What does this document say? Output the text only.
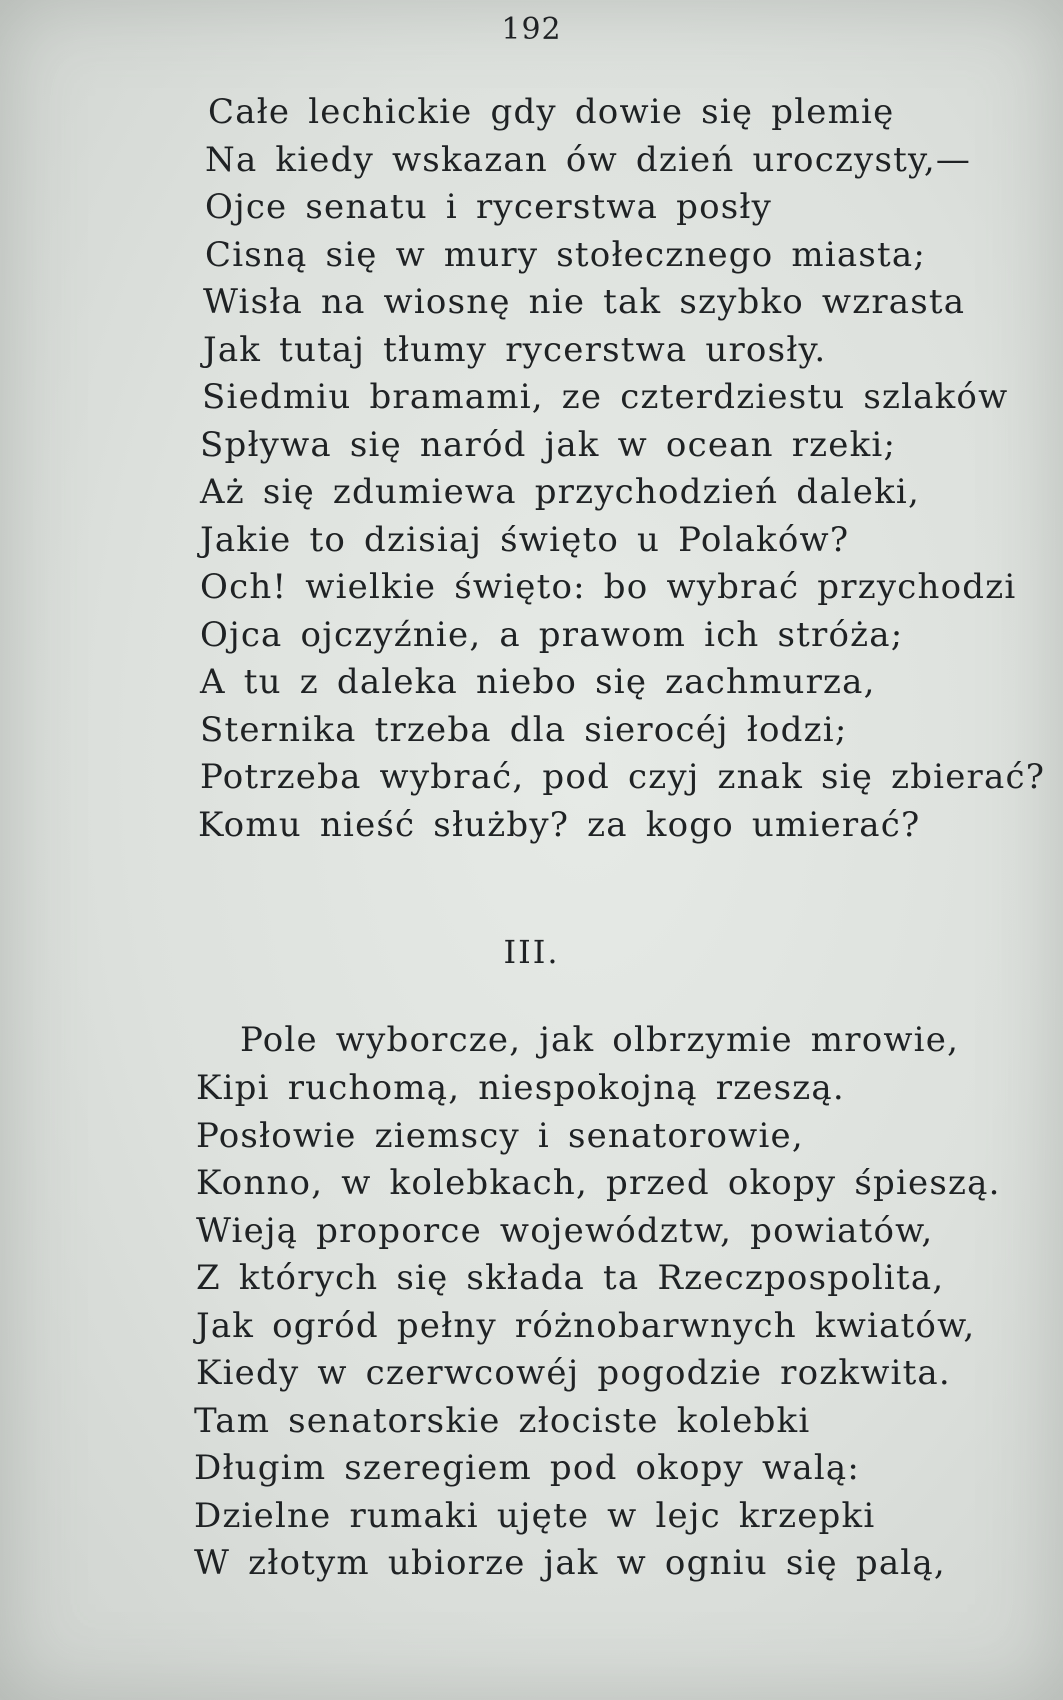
192
Całe lechickie gdy dowie się plemię
Na kiedy wskazan ów dzień uroczysty,—
Ojce senatu i rycerstwa posły
Cisną się w mury stołecznego miasta;
Wisła na wiosnę nie tak szybko wzrasta
Jak tutaj tłumy rycerstwa urosły.
Siedmiu bramami, ze czterdziestu szlaków
Spływa się naród jak w ocean rzeki;
Aż się zdumiewa przychodzień daleki,
Jakie to dzisiaj święto u Polaków?
Och! wielkie święto: bo wybrać przychodzi
Ojca ojczyźnie, a prawom ich stróża;
A tu z daleka niebo się zachmurza,
Sternika trzeba dla sierocéj łodzi;
Potrzeba wybrać, pod czyj znak się zbierać?
Komu nieść służby? za kogo umierać?
III.
Pole wyborcze, jak olbrzymie mrowie,
Kipi ruchomą, niespokojną rzeszą.
Posłowie ziemscy i senatorowie,
Konno, w kolebkach, przed okopy śpieszą.
Wieją proporce województw, powiatów,
Z których się składa ta Rzeczpospolita,
Jak ogród pełny różnobarwnych kwiatów,
Kiedy w czerwcowéj pogodzie rozkwita.
Tam senatorskie złociste kolebki
Długim szeregiem pod okopy walą:
Dzielne rumaki ujęte w lejc krzepki
W złotym ubiorze jak w ogniu się palą,
